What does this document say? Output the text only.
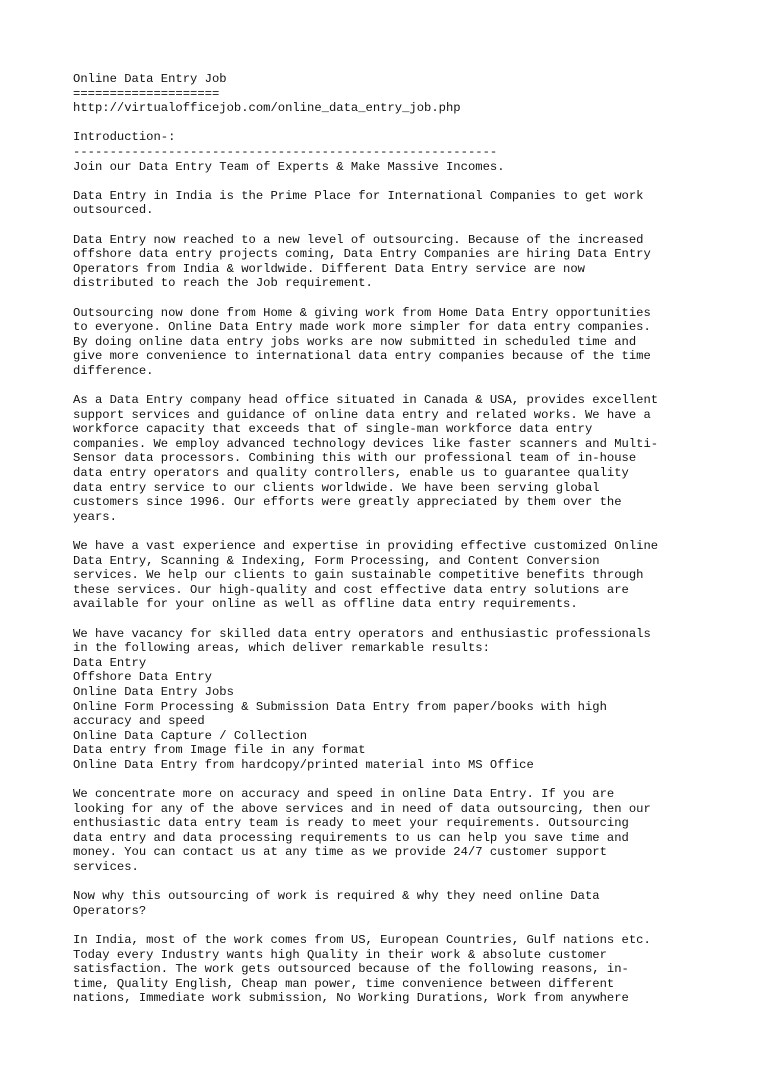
Online Data Entry Job
====================
http://virtualofficejob.com/online_data_entry_job.php
Introduction-:
----------------------------------------------------------
Join our Data Entry Team of Experts & Make Massive Incomes.
Data Entry in India is the Prime Place for International Companies to get work
outsourced.
Data Entry now reached to a new level of outsourcing. Because of the increased
offshore data entry projects coming, Data Entry Companies are hiring Data Entry
Operators from India & worldwide. Different Data Entry service are now
distributed to reach the Job requirement.
Outsourcing now done from Home & giving work from Home Data Entry opportunities
to everyone. Online Data Entry made work more simpler for data entry companies.
By doing online data entry jobs works are now submitted in scheduled time and
give more convenience to international data entry companies because of the time
difference.
As a Data Entry company head office situated in Canada & USA, provides excellent
support services and guidance of online data entry and related works. We have a
workforce capacity that exceeds that of single-man workforce data entry
companies. We employ advanced technology devices like faster scanners and Multi-
Sensor data processors. Combining this with our professional team of in-house
data entry operators and quality controllers, enable us to guarantee quality
data entry service to our clients worldwide. We have been serving global
customers since 1996. Our efforts were greatly appreciated by them over the
years.
We have a vast experience and expertise in providing effective customized Online
Data Entry, Scanning & Indexing, Form Processing, and Content Conversion
services. We help our clients to gain sustainable competitive benefits through
these services. Our high-quality and cost effective data entry solutions are
available for your online as well as offline data entry requirements.
We have vacancy for skilled data entry operators and enthusiastic professionals
in the following areas, which deliver remarkable results:
Data Entry
Offshore Data Entry
Online Data Entry Jobs
Online Form Processing & Submission Data Entry from paper/books with high
accuracy and speed
Online Data Capture / Collection
Data entry from Image file in any format
Online Data Entry from hardcopy/printed material into MS Office
We concentrate more on accuracy and speed in online Data Entry. If you are
looking for any of the above services and in need of data outsourcing, then our
enthusiastic data entry team is ready to meet your requirements. Outsourcing
data entry and data processing requirements to us can help you save time and
money. You can contact us at any time as we provide 24/7 customer support
services.
Now why this outsourcing of work is required & why they need online Data
Operators?
In India, most of the work comes from US, European Countries, Gulf nations etc.
Today every Industry wants high Quality in their work & absolute customer
satisfaction. The work gets outsourced because of the following reasons, in-
time, Quality English, Cheap man power, time convenience between different
nations, Immediate work submission, No Working Durations, Work from anywhere
